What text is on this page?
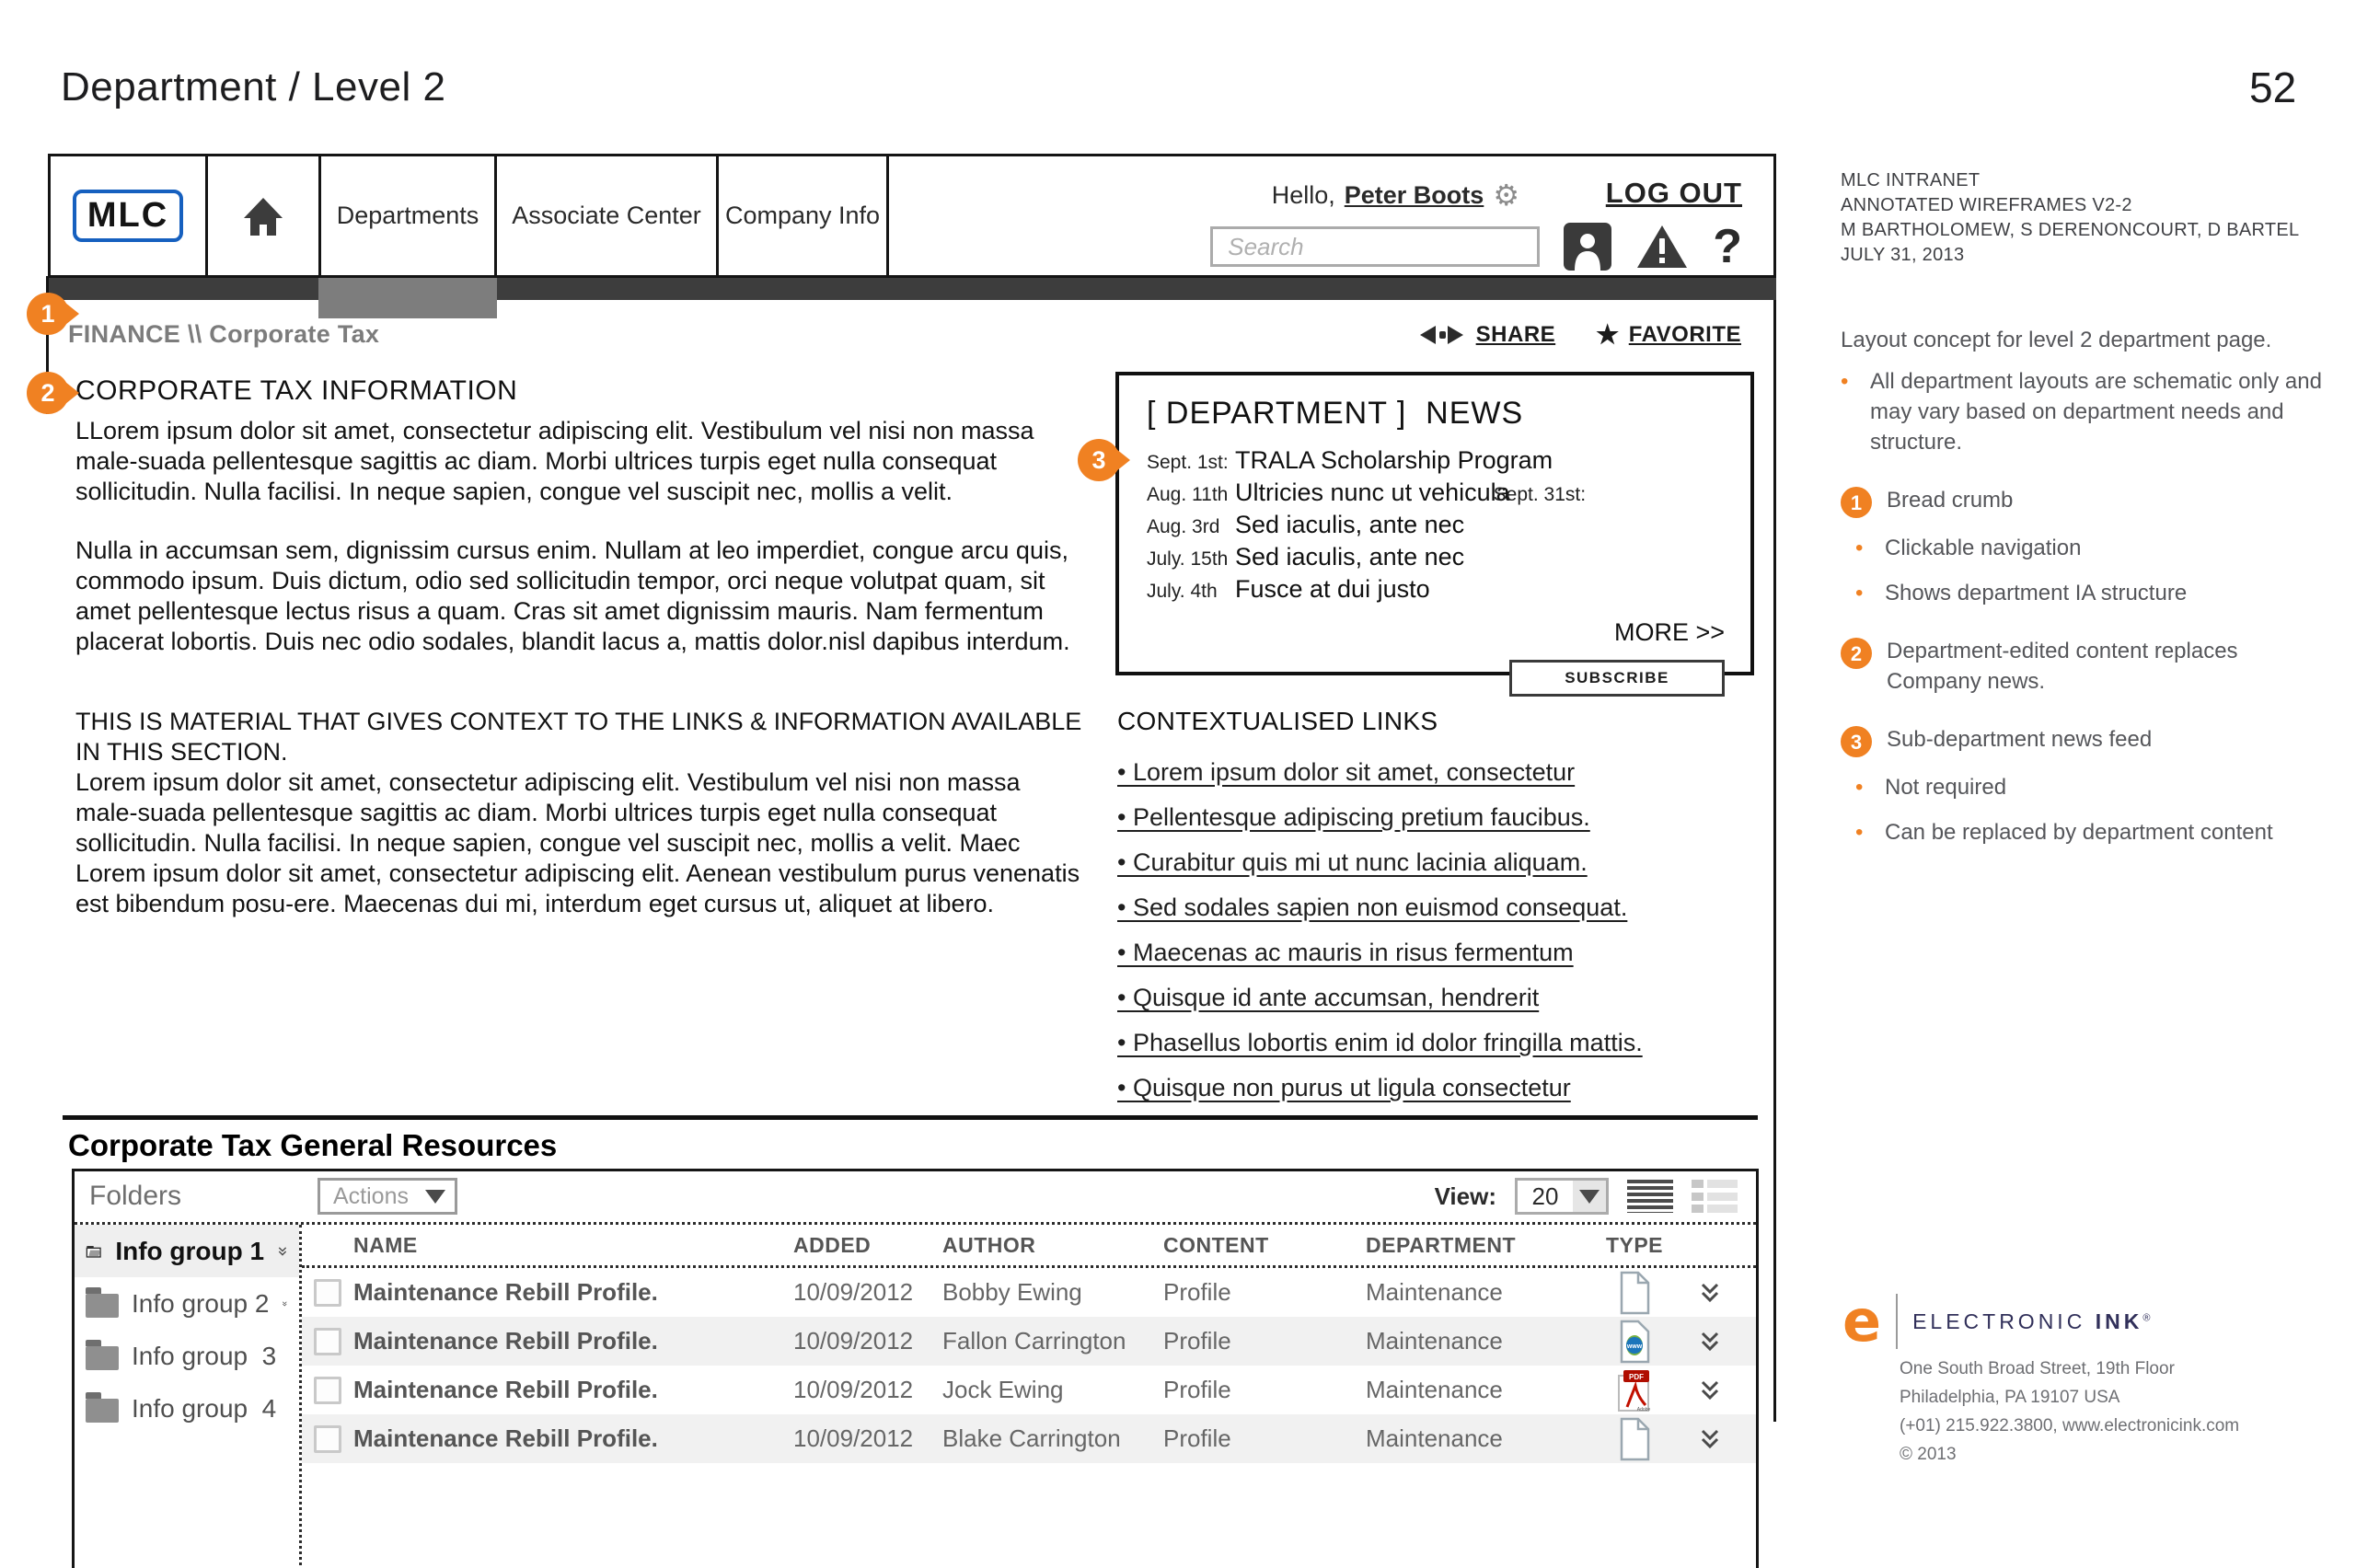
Department / Level 2	52
MLC	Departments Associate Center Company Info
Hello, Peter Boots ⚙	LOG OUT
Search
?
FINANCE \\ Corporate Tax	SHARE ★ FAVORITE
CORPORATE TAX INFORMATION
LLorem ipsum dolor sit amet, consectetur adipiscing elit. Vestibulum vel nisi non massa male-suada pellentesque sagittis ac diam. Morbi ultrices turpis eget nulla consequat sollicitudin. Nulla facilisi. In neque sapien, congue vel suscipit nec, mollis a velit.
Nulla in accumsan sem, dignissim cursus enim. Nullam at leo imperdiet, congue arcu quis, commodo ipsum. Duis dictum, odio sed sollicitudin tempor, orci neque volutpat quam, sit amet pellentesque lectus risus a quam. Cras sit amet dignissim mauris. Nam fermentum placerat lobortis. Duis nec odio sodales, blandit lacus a, mattis dolor.nisl dapibus interdum.
THIS IS MATERIAL THAT GIVES CONTEXT TO THE LINKS & INFORMATION AVAILABLE IN THIS SECTION.
Lorem ipsum dolor sit amet, consectetur adipiscing elit. Vestibulum vel nisi non massa male-suada pellentesque sagittis ac diam. Morbi ultrices turpis eget nulla consequat sollicitudin. Nulla facilisi. In neque sapien, congue vel suscipit nec, mollis a velit. Maec Lorem ipsum dolor sit amet, consectetur adipiscing elit. Aenean vestibulum purus venenatis est bibendum posu-ere. Maecenas dui mi, interdum eget cursus ut, aliquet at libero.
[ DEPARTMENT ]  NEWS
Sept. 1st: TRALA Scholarship Program
Aug. 11th Ultricies nunc ut vehiculaSept. 31st:
Aug. 3rd Sed iaculis, ante nec
July. 15th Sed iaculis, ante nec
July. 4th Fusce at dui justo
MORE >>
SUBSCRIBE
CONTEXTUALISED LINKS
• Lorem ipsum dolor sit amet, consectetur
• Pellentesque adipiscing pretium faucibus.
• Curabitur quis mi ut nunc lacinia aliquam.
• Sed sodales sapien non euismod consequat.
• Maecenas ac mauris in risus fermentum
• Quisque id ante accumsan, hendrerit
• Phasellus lobortis enim id dolor fringilla mattis.
• Quisque non purus ut ligula consectetur
Corporate Tax General Resources
Folders	Actions	View:	20
Info group 1
Info group 2
Info group  3
Info group  4
NAME	ADDED	AUTHOR	CONTENT	DEPARTMENT	TYPE
Maintenance Rebill Profile.	10/09/2012	Bobby Ewing	Profile	Maintenance
Maintenance Rebill Profile.	10/09/2012	Fallon Carrington	Profile	Maintenance	www
Maintenance Rebill Profile.	10/09/2012	Jock Ewing	Profile	Maintenance	PDF
Adobe
Maintenance Rebill Profile.	10/09/2012	Blake Carrington	Profile	Maintenance
1
2
3
MLC INTRANET
ANNOTATED WIREFRAMES V2-2
M BARTHOLOMEW, S DERENONCOURT, D BARTEL
JULY 31, 2013
Layout concept for level 2 department page.
• All department layouts are schematic only and may vary based on department needs and structure.
1	Bread crumb
• Clickable navigation
• Shows department IA structure
2	Department-edited content replaces Company news.
3	Sub-department news feed
• Not required
• Can be replaced by department content
e ELECTRONIC INK®
One South Broad Street, 19th Floor
Philadelphia, PA 19107 USA
(+01) 215.922.3800, www.electronicink.com
© 2013
